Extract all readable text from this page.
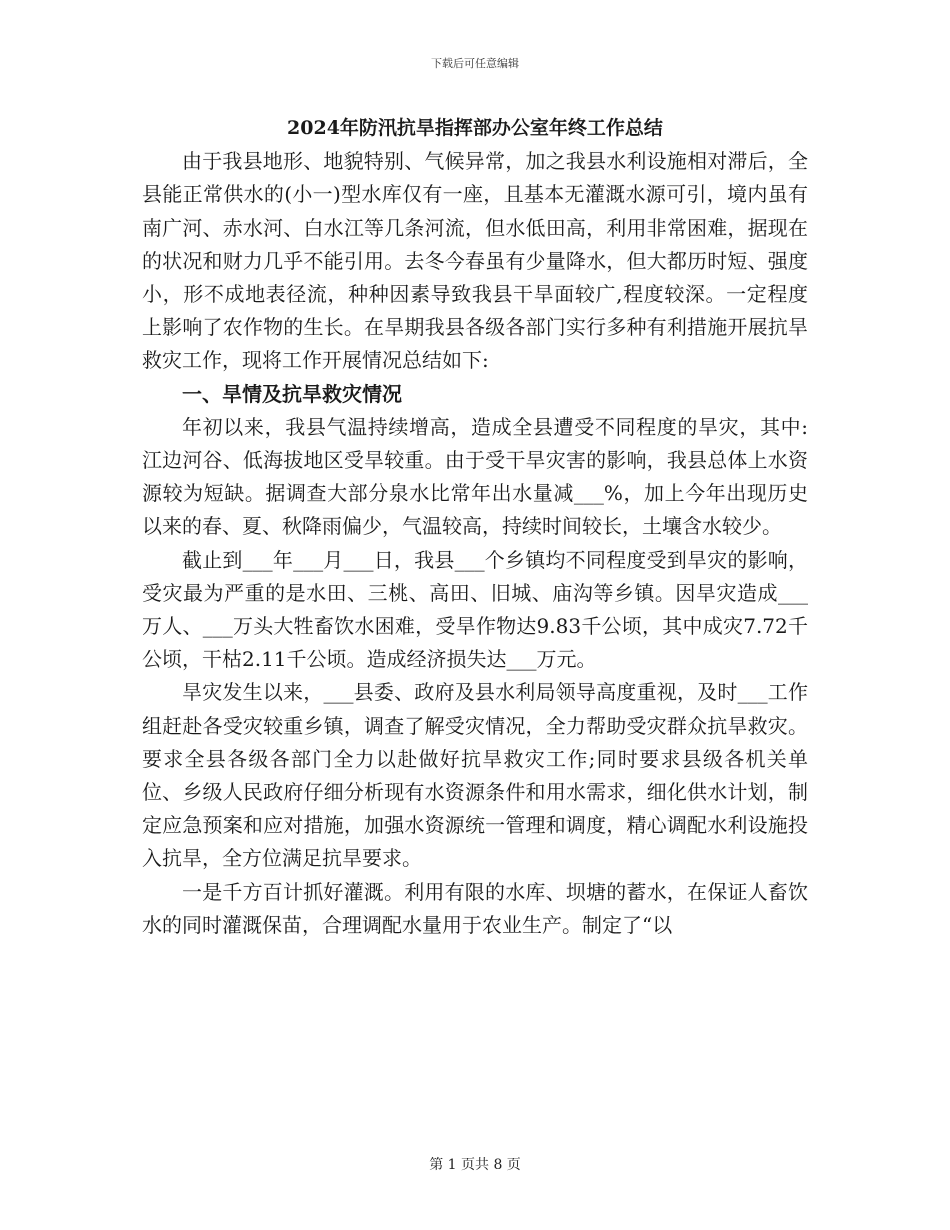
下载后可任意编辑
2024年防汛抗旱指挥部办公室年终工作总结

由于我县地形、地貌特别、气候异常，加之我县水利设施相对滞后，全县能正常供水的(小一)型水库仅有一座，且基本无灌溉水源可引，境内虽有南广河、赤水河、白水江等几条河流，但水低田高，利用非常困难，据现在的状况和财力几乎不能引用。去冬今春虽有少量降水，但大都历时短、强度小，形不成地表径流，种种因素导致我县干旱面较广,程度较深。一定程度上影响了农作物的生长。在旱期我县各级各部门实行多种有利措施开展抗旱救灾工作，现将工作开展情况总结如下:

一、旱情及抗旱救灾情况

年初以来，我县气温持续增高，造成全县遭受不同程度的旱灾，其中:江边河谷、低海拔地区受旱较重。由于受干旱灾害的影响，我县总体上水资源较为短缺。据调查大部分泉水比常年出水量减___%，加上今年出现历史以来的春、夏、秋降雨偏少，气温较高，持续时间较长，土壤含水较少。

截止到___年___月___日，我县___个乡镇均不同程度受到旱灾的影响，受灾最为严重的是水田、三桃、高田、旧城、庙沟等乡镇。因旱灾造成___万人、___万头大牲畜饮水困难，受旱作物达9.83千公顷，其中成灾7.72千公顷，干枯2.11千公顷。造成经济损失达___万元。

旱灾发生以来，___县委、政府及县水利局领导高度重视，及时___工作组赶赴各受灾较重乡镇，调查了解受灾情况，全力帮助受灾群众抗旱救灾。要求全县各级各部门全力以赴做好抗旱救灾工作;同时要求县级各机关单位、乡级人民政府仔细分析现有水资源条件和用水需求，细化供水计划，制定应急预案和应对措施，加强水资源统一管理和调度，精心调配水利设施投入抗旱，全方位满足抗旱要求。

一是千方百计抓好灌溉。利用有限的水库、坝塘的蓄水，在保证人畜饮水的同时灌溉保苗，合理调配水量用于农业生产。制定了“以

第 1 页共 8 页
